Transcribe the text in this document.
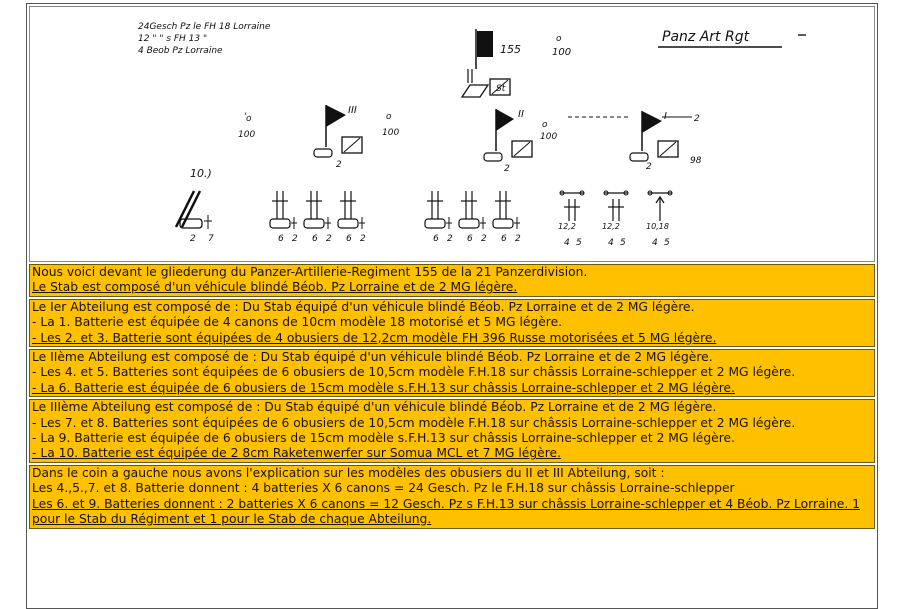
24Gesch Pz le FH 18 Lorraine
12 " " s FH 13 "
4 Beob Pz Lorraine
Panz Art Rgt
St
155
o
100
III
o
100
2
' o
100
II
o
100
2
I	2
98
2
10.)
2 7	6 2 6 2 6 2	6 2 6 2 6 2
12,2
4 5
12,2
4 5
10,18
4 5
Nous voici devant le gliederung du Panzer-Artillerie-Regiment 155 de la 21 Panzerdivision.
Le Stab est composé d'un véhicule blindé Béob. Pz Lorraine et de 2 MG légère.
Le Ier Abteilung est composé de : Du Stab équipé d'un véhicule blindé Béob. Pz Lorraine et de 2 MG légère.
- La 1. Batterie est équipée de 4 canons de 10cm modèle 18 motorisé et 5 MG légère.
- Les 2. et 3. Batterie sont équipées de 4 obusiers de 12,2cm modèle FH 396 Russe motorisées et 5 MG légère.
Le IIème Abteilung est composé de : Du Stab équipé d'un véhicule blindé Béob. Pz Lorraine et de 2 MG légère.
- Les 4. et 5. Batteries sont équipées de 6 obusiers de 10,5cm modèle F.H.18 sur châssis Lorraine-schlepper et 2 MG légère.
- La 6. Batterie est équipée de 6 obusiers de 15cm modèle s.F.H.13 sur châssis Lorraine-schlepper et 2 MG légère.
Le IIIème Abteilung est composé de : Du Stab équipé d'un véhicule blindé Béob. Pz Lorraine et de 2 MG légère.
- Les 7. et 8. Batteries sont équipées de 6 obusiers de 10,5cm modèle F.H.18 sur châssis Lorraine-schlepper et 2 MG légère.
- La 9. Batterie est équipée de 6 obusiers de 15cm modèle s.F.H.13 sur châssis Lorraine-schlepper et 2 MG légère.
- La 10. Batterie est équipée de 2 8cm Raketenwerfer sur Somua MCL et 7 MG légère.
Dans le coin a gauche nous avons l'explication sur les modèles des obusiers du II et III Abteilung, soit :
Les 4.,5.,7. et 8. Batterie donnent : 4 batteries X 6 canons = 24 Gesch. Pz le F.H.18 sur châssis Lorraine-schlepper
Les 6. et 9. Batteries donnent : 2 batteries X 6 canons = 12 Gesch. Pz s F.H.13 sur châssis Lorraine-schlepper et 4 Béob. Pz Lorraine. 1 pour le Stab du Régiment et 1 pour le Stab de chaque Abteilung.
